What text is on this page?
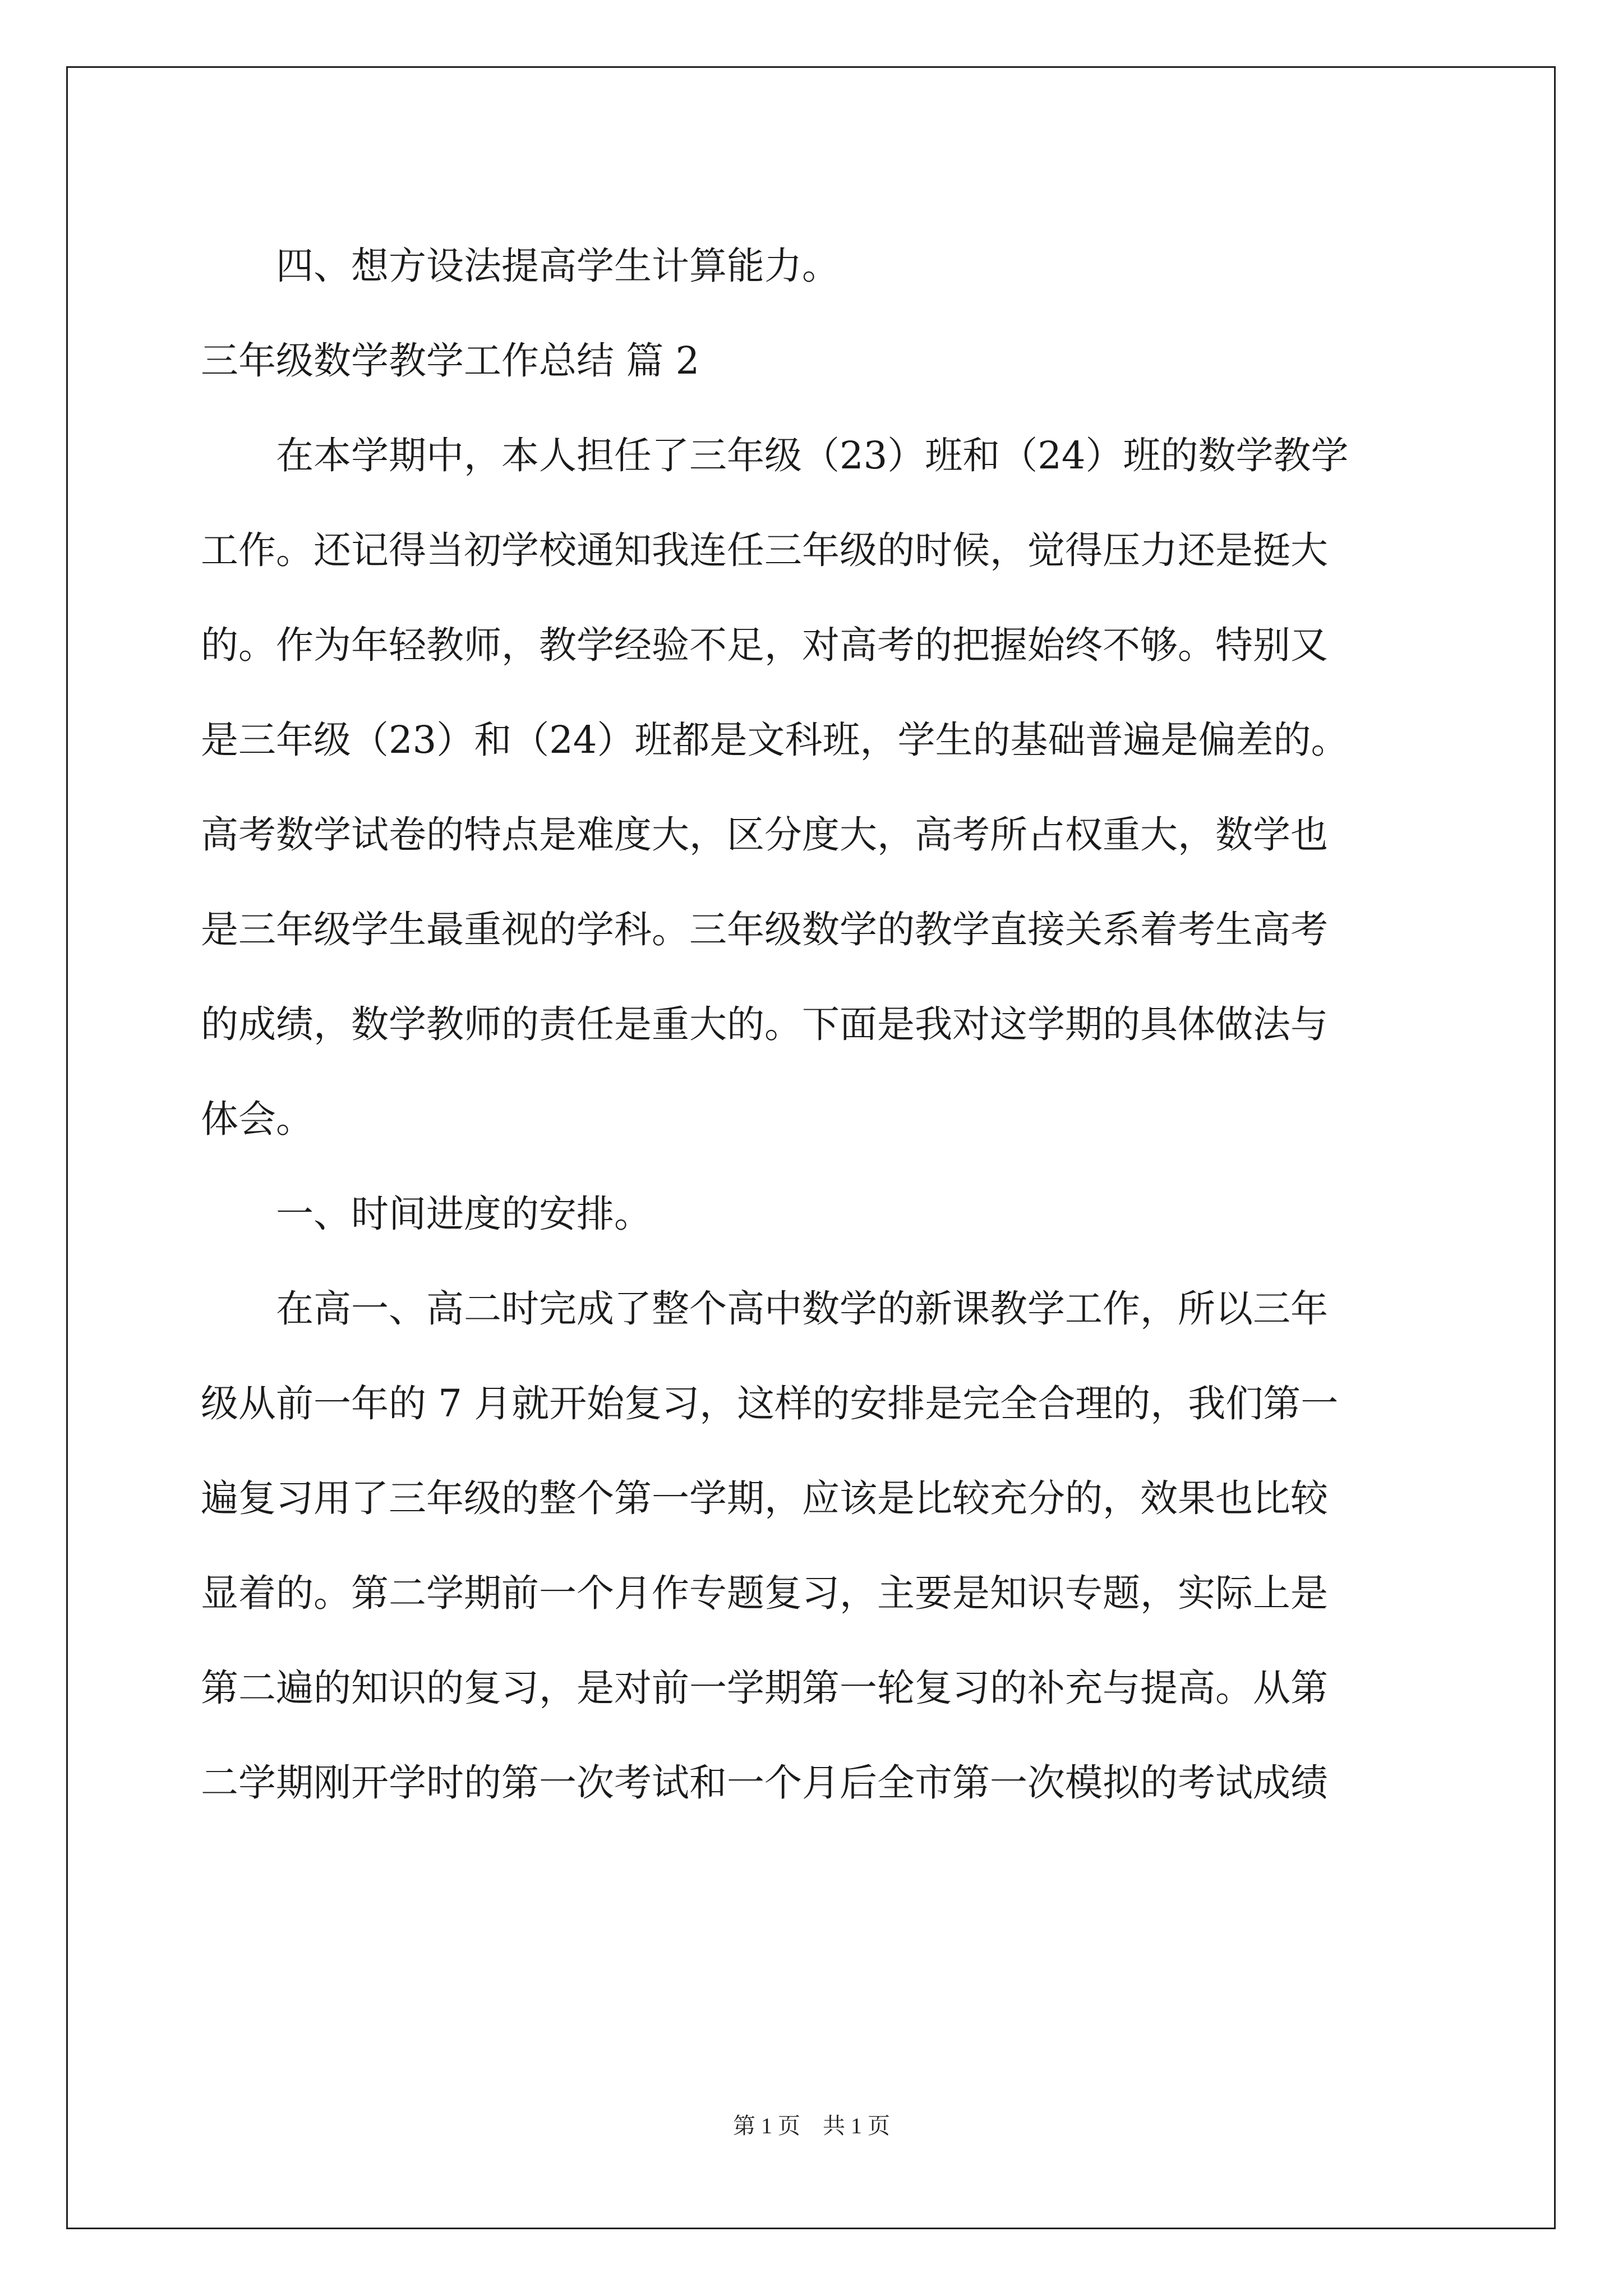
四、想方设法提高学生计算能力。
三年级数学教学工作总结 篇 2
在本学期中，本人担任了三年级（23）班和（24）班的数学教学
工作。还记得当初学校通知我连任三年级的时候，觉得压力还是挺大
的。作为年轻教师，教学经验不足，对高考的把握始终不够。特别又
是三年级（23）和（24）班都是文科班，学生的基础普遍是偏差的。
高考数学试卷的特点是难度大，区分度大，高考所占权重大，数学也
是三年级学生最重视的学科。三年级数学的教学直接关系着考生高考
的成绩，数学教师的责任是重大的。下面是我对这学期的具体做法与
体会。
一、时间进度的安排。
在高一、高二时完成了整个高中数学的新课教学工作，所以三年
级从前一年的 7 月就开始复习，这样的安排是完全合理的，我们第一
遍复习用了三年级的整个第一学期，应该是比较充分的，效果也比较
显着的。第二学期前一个月作专题复习，主要是知识专题，实际上是
第二遍的知识的复习，是对前一学期第一轮复习的补充与提高。从第
二学期刚开学时的第一次考试和一个月后全市第一次模拟的考试成绩
第 1 页　共 1 页
